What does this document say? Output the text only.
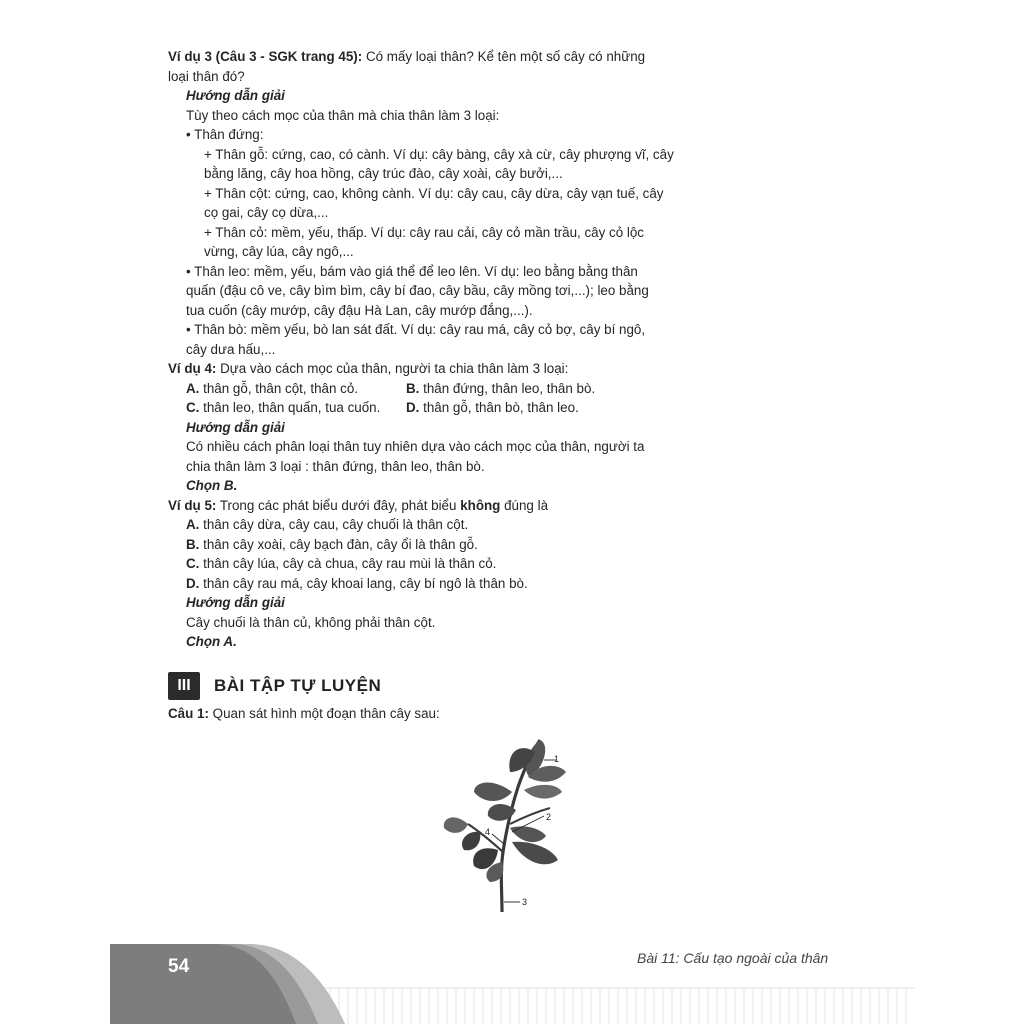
Ví dụ 3 (Câu 3 - SGK trang 45): Có mấy loại thân? Kể tên một số cây có những
loại thân đó?
Hướng dẫn giải
Tùy theo cách mọc của thân mà chia thân làm 3 loại:
• Thân đứng:
+ Thân gỗ: cứng, cao, có cành. Ví dụ: cây bàng, cây xà cừ, cây phượng vĩ, cây
bằng lăng, cây hoa hồng, cây trúc đào, cây xoài, cây bưởi,...
+ Thân cột: cứng, cao, không cành. Ví dụ: cây cau, cây dừa, cây vạn tuế, cây
cọ gai, cây cọ dừa,...
+ Thân cỏ: mềm, yếu, thấp. Ví dụ: cây rau cải, cây cỏ mần trầu, cây cỏ lộc
vừng, cây lúa, cây ngô,...
• Thân leo: mềm, yếu, bám vào giá thể để leo lên. Ví dụ: leo bằng bằng thân
quấn (đậu cô ve, cây bìm bìm, cây bí đao, cây bầu, cây mồng tơi,...); leo bằng
tua cuốn (cây mướp, cây đậu Hà Lan, cây mướp đắng,...).
• Thân bò: mềm yếu, bò lan sát đất. Ví dụ: cây rau má, cây cỏ bợ, cây bí ngô,
cây dưa hấu,...
Ví dụ 4: Dựa vào cách mọc của thân, người ta chia thân làm 3 loại:
A. thân gỗ, thân cột, thân cỏ.	B. thân đứng, thân leo, thân bò.
C. thân leo, thân quấn, tua cuốn.	D. thân gỗ, thân bò, thân leo.
Hướng dẫn giải
Có nhiều cách phân loại thân tuy nhiên dựa vào cách mọc của thân, người ta
chia thân làm 3 loại : thân đứng, thân leo, thân bò.
Chọn B.
Ví dụ 5: Trong các phát biểu dưới đây, phát biểu không đúng là
A. thân cây dừa, cây cau, cây chuối là thân cột.
B. thân cây xoài, cây bạch đàn, cây ổi là thân gỗ.
C. thân cây lúa, cây cà chua, cây rau mùi là thân cỏ.
D. thân cây rau má, cây khoai lang, cây bí ngô là thân bò.
Hướng dẫn giải
Cây chuối là thân củ, không phải thân cột.
Chọn A.
III	BÀI TẬP TỰ LUYỆN
Câu 1: Quan sát hình một đoạn thân cây sau:
1
2
3
4
54	Bài 11: Cấu tạo ngoài của thân
